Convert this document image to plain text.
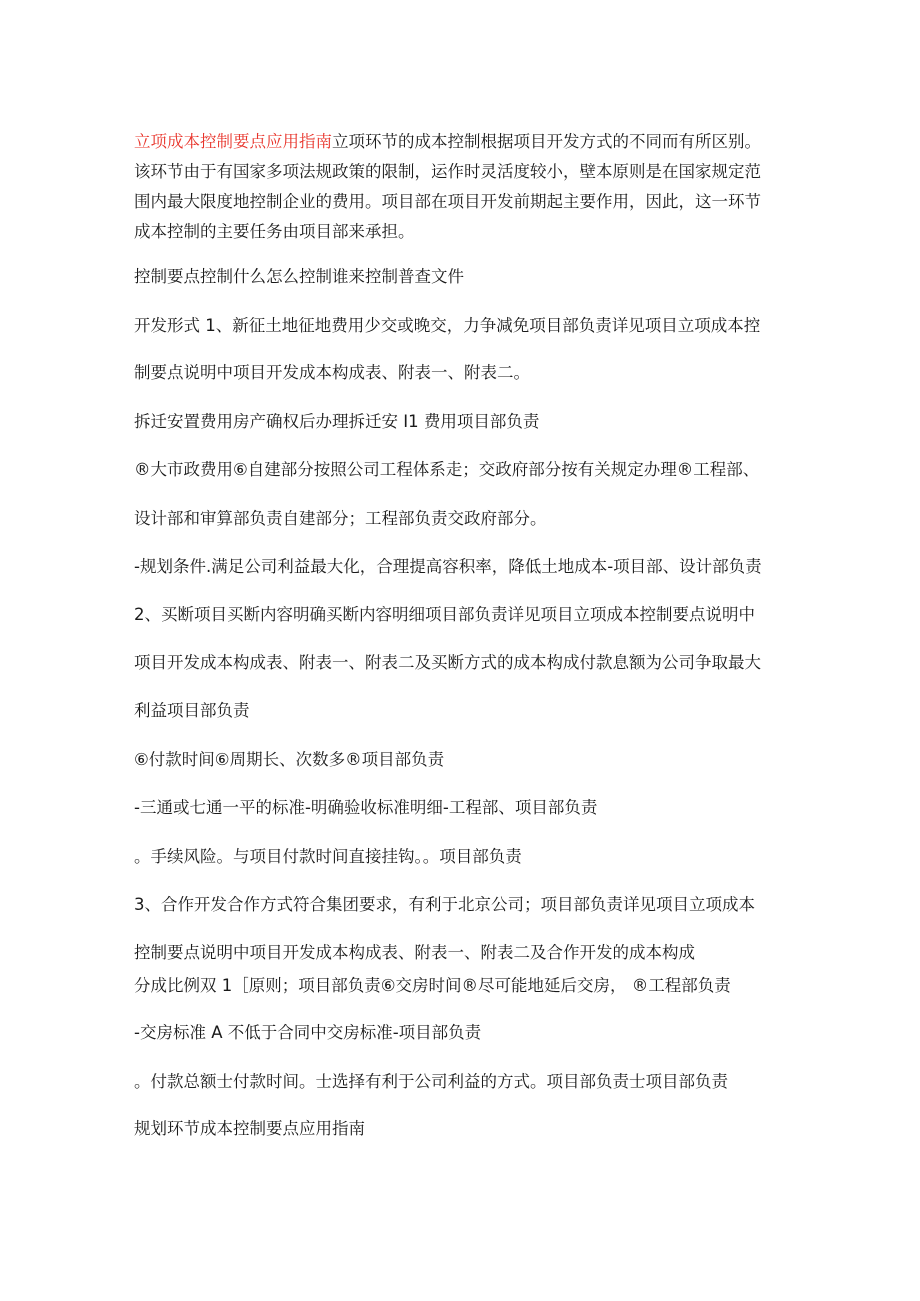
立项成本控制要点应用指南立项环节的成本控制根据项目开发方式的不同而有所区别。
该环节由于有国家多项法规政策的限制，运作时灵活度较小，壁本原则是在国家规定范
围内最大限度地控制企业的费用。项目部在项目开发前期起主要作用，因此，这一环节
成本控制的主要任务由项目部来承担。
控制要点控制什么怎么控制谁来控制普查文件
开发形式 1、新征土地征地费用少交或晚交，力争减免项目部负责详见项目立项成本控
制要点说明中项目开发成本构成表、附表一、附表二。
拆迁安置费用房产确权后办理拆迁安 I1 费用项目部负责
®大市政费用⑥自建部分按照公司工程体系走；交政府部分按有关规定办理®工程部、
设计部和审算部负责自建部分；工程部负责交政府部分。
-规划条件.满足公司利益最大化，合理提高容积率，降低土地成本-项目部、设计部负责
2、买断项目买断内容明确买断内容明细项目部负责详见项目立项成本控制要点说明中
项目开发成本构成表、附表一、附表二及买断方式的成本构成付款息额为公司争取最大
利益项目部负责
⑥付款时间⑥周期长、次数多®项目部负责
-三通或七通一平的标准-明确验收标准明细-工程部、项目部负责
。手续风险。与项目付款时间直接挂钩。。项目部负责
3、合作开发合作方式符合集团要求，有利于北京公司；项目部负责详见项目立项成本
控制要点说明中项目开发成本构成表、附表一、附表二及合作开发的成本构成
分成比例双 1［原则；项目部负责⑥交房时间®尽可能地延后交房， ®工程部负责
-交房标准 A 不低于合同中交房标准-项目部负责
。付款总额士付款时间。士选择有利于公司利益的方式。项目部负责士项目部负责
规划环节成本控制要点应用指南
